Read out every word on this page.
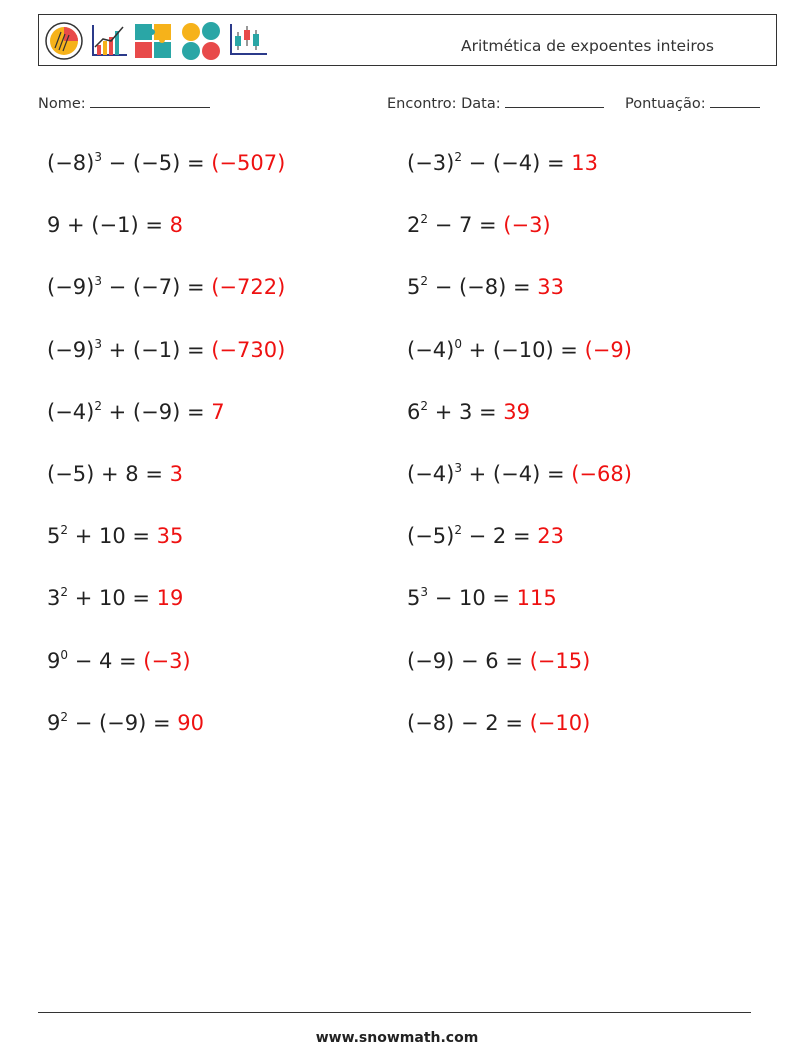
Aritmética de expoentes inteiros
Nome:	Encontro: Data:	Pontuação:
$(-8)^3 - (-5) = (-507)$	$(-3)^2 - (-4) = 13$
9 + (−1) = 8	$2^2 - 7 = (-3)$
$(-9)^3 - (-7) = (-722)$	$5^2 - (-8) = 33$
$(-9)^3 + (-1) = (-730)$	$(-4)^0 + (-10) = (-9)$
$(-4)^2 + (-9) = 7$	$6^2 + 3 = 39$
(−5) + 8 = 3	$(-4)^3 + (-4) = (-68)$
$5^2 + 10 = 35$	$(-5)^2 - 2 = 23$
$3^2 + 10 = 19$	$5^3 - 10 = 115$
$9^0 - 4 = (-3)$	(−9) − 6 = (−15)
$9^2 - (-9) = 90$	(−8) − 2 = (−10)
www.snowmath.com
